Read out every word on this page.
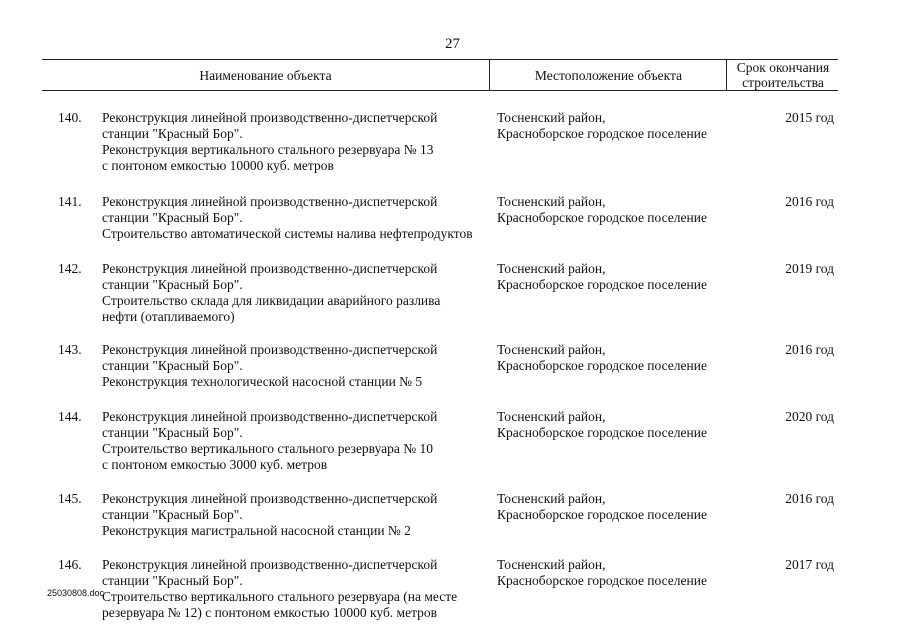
27
Наименование объекта	Местоположение объекта	Срок окончания строительства
140. Реконструкция линейной производственно-диспетчерской
станции "Красный Бор".
Реконструкция вертикального стального резервуара № 13
с понтоном емкостью 10000 куб. метров
Тосненский район,
Красноборское городское поселение
2015 год
141. Реконструкция линейной производственно-диспетчерской
станции "Красный Бор".
Строительство автоматической системы налива нефтепродуктов
Тосненский район,
Красноборское городское поселение
2016 год
142. Реконструкция линейной производственно-диспетчерской
станции "Красный Бор".
Строительство склада для ликвидации аварийного разлива
нефти (отапливаемого)
Тосненский район,
Красноборское городское поселение
2019 год
143. Реконструкция линейной производственно-диспетчерской
станции "Красный Бор".
Реконструкция технологической насосной станции № 5
Тосненский район,
Красноборское городское поселение
2016 год
144. Реконструкция линейной производственно-диспетчерской
станции "Красный Бор".
Строительство вертикального стального резервуара № 10
с понтоном емкостью 3000 куб. метров
Тосненский район,
Красноборское городское поселение
2020 год
145. Реконструкция линейной производственно-диспетчерской
станции "Красный Бор".
Реконструкция магистральной насосной станции № 2
Тосненский район,
Красноборское городское поселение
2016 год
146. Реконструкция линейной производственно-диспетчерской
станции "Красный Бор".
Строительство вертикального стального резервуара (на месте
резервуара № 12) с понтоном емкостью 10000 куб. метров
Тосненский район,
Красноборское городское поселение
2017 год
25030808.doc
